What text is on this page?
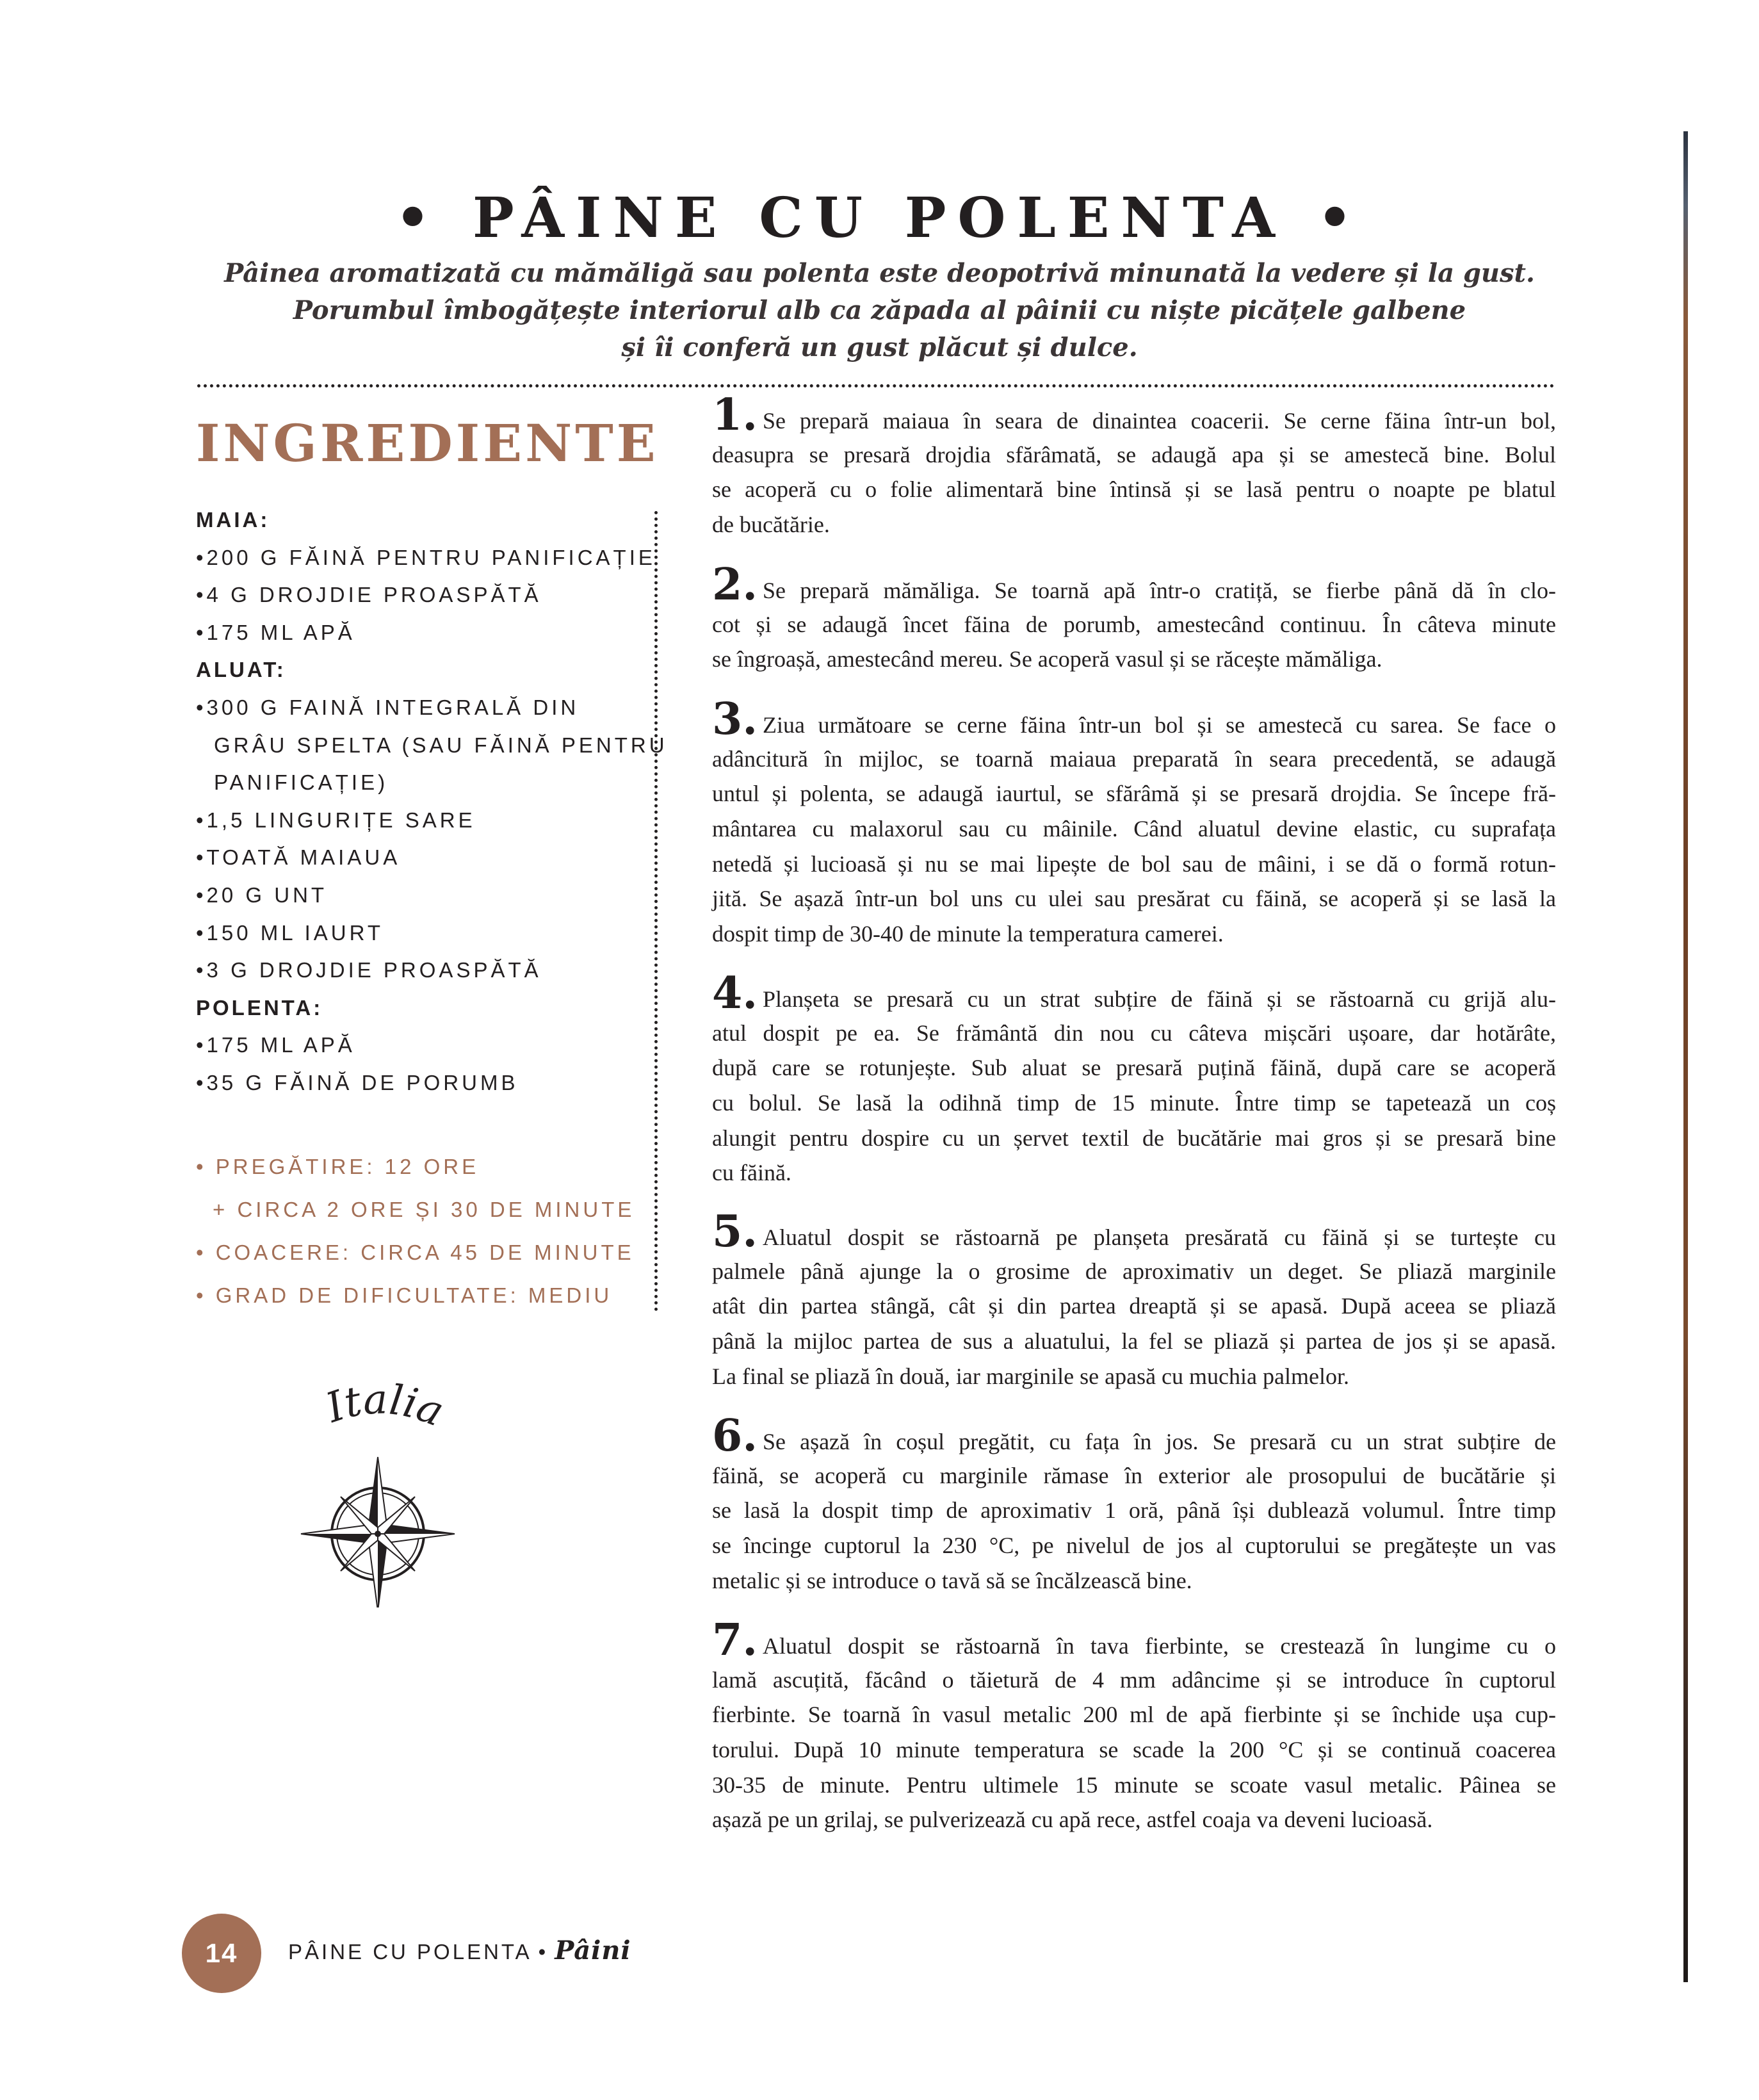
• PÂINE CU POLENTA •
Pâinea aromatizată cu mămăligă sau polenta este deopotrivă minunată la vedere și la gust.
Porumbul îmbogățește interiorul alb ca zăpada al pâinii cu niște picățele galbene
și îi conferă un gust plăcut și dulce.
INGREDIENTE
MAIA:
•200 G FĂINĂ PENTRU PANIFICAȚIE
•4 G DROJDIE PROASPĂTĂ
•175 ML APĂ
ALUAT:
•300 G FAINĂ INTEGRALĂ DIN
GRÂU SPELTA (SAU FĂINĂ PENTRU
PANIFICAȚIE)
•1,5 LINGURIȚE SARE
•TOATĂ MAIAUA
•20 G UNT
•150 ML IAURT
•3 G DROJDIE PROASPĂTĂ
POLENTA:
•175 ML APĂ
•35 G FĂINĂ DE PORUMB
• PREGĂTIRE: 12 ORE
+ CIRCA 2 ORE ȘI 30 DE MINUTE
• COACERE: CIRCA 45 DE MINUTE
• GRAD DE DIFICULTATE: MEDIU
Italia
1. Se prepară maiaua în seara de dinaintea coacerii. Se cerne făina într-un bol,
deasupra se presară drojdia sfărâmată, se adaugă apa și se amestecă bine. Bolul
se acoperă cu o folie alimentară bine întinsă și se lasă pentru o noapte pe blatul
de bucătărie.
2. Se prepară mămăliga. Se toarnă apă într-o cratiță, se fierbe până dă în clo-
cot și se adaugă încet făina de porumb, amestecând continuu. În câteva minute
se îngroașă, amestecând mereu. Se acoperă vasul și se răcește mămăliga.
3. Ziua următoare se cerne făina într-un bol și se amestecă cu sarea. Se face o
adâncitură în mijloc, se toarnă maiaua preparată în seara precedentă, se adaugă
untul și polenta, se adaugă iaurtul, se sfărâmă și se presară drojdia. Se începe fră-
mântarea cu malaxorul sau cu mâinile. Când aluatul devine elastic, cu suprafața
netedă și lucioasă și nu se mai lipește de bol sau de mâini, i se dă o formă rotun-
jită. Se așază într-un bol uns cu ulei sau presărat cu făină, se acoperă și se lasă la
dospit timp de 30-40 de minute la temperatura camerei.
4. Planșeta se presară cu un strat subțire de făină și se răstoarnă cu grijă alu-
atul dospit pe ea. Se frământă din nou cu câteva mișcări ușoare, dar hotărâte,
după care se rotunjește. Sub aluat se presară puțină făină, după care se acoperă
cu bolul. Se lasă la odihnă timp de 15 minute. Între timp se tapetează un coș
alungit pentru dospire cu un șervet textil de bucătărie mai gros și se presară bine
cu făină.
5. Aluatul dospit se răstoarnă pe planșeta presărată cu făină și se turtește cu
palmele până ajunge la o grosime de aproximativ un deget. Se pliază marginile
atât din partea stângă, cât și din partea dreaptă și se apasă. După aceea se pliază
până la mijloc partea de sus a aluatului, la fel se pliază și partea de jos și se apasă.
La final se pliază în două, iar marginile se apasă cu muchia palmelor.
6. Se așază în coșul pregătit, cu fața în jos. Se presară cu un strat subțire de
făină, se acoperă cu marginile rămase în exterior ale prosopului de bucătărie și
se lasă la dospit timp de aproximativ 1 oră, până își dublează volumul. Între timp
se încinge cuptorul la 230 °C, pe nivelul de jos al cuptorului se pregătește un vas
metalic și se introduce o tavă să se încălzească bine.
7. Aluatul dospit se răstoarnă în tava fierbinte, se crestează în lungime cu o
lamă ascuțită, făcând o tăietură de 4 mm adâncime și se introduce în cuptorul
fierbinte. Se toarnă în vasul metalic 200 ml de apă fierbinte și se închide ușa cup-
torului. După 10 minute temperatura se scade la 200 °C și se continuă coacerea
30-35 de minute. Pentru ultimele 15 minute se scoate vasul metalic. Pâinea se
așază pe un grilaj, se pulverizează cu apă rece, astfel coaja va deveni lucioasă.
14	PÂINE CU POLENTA • Pâini
